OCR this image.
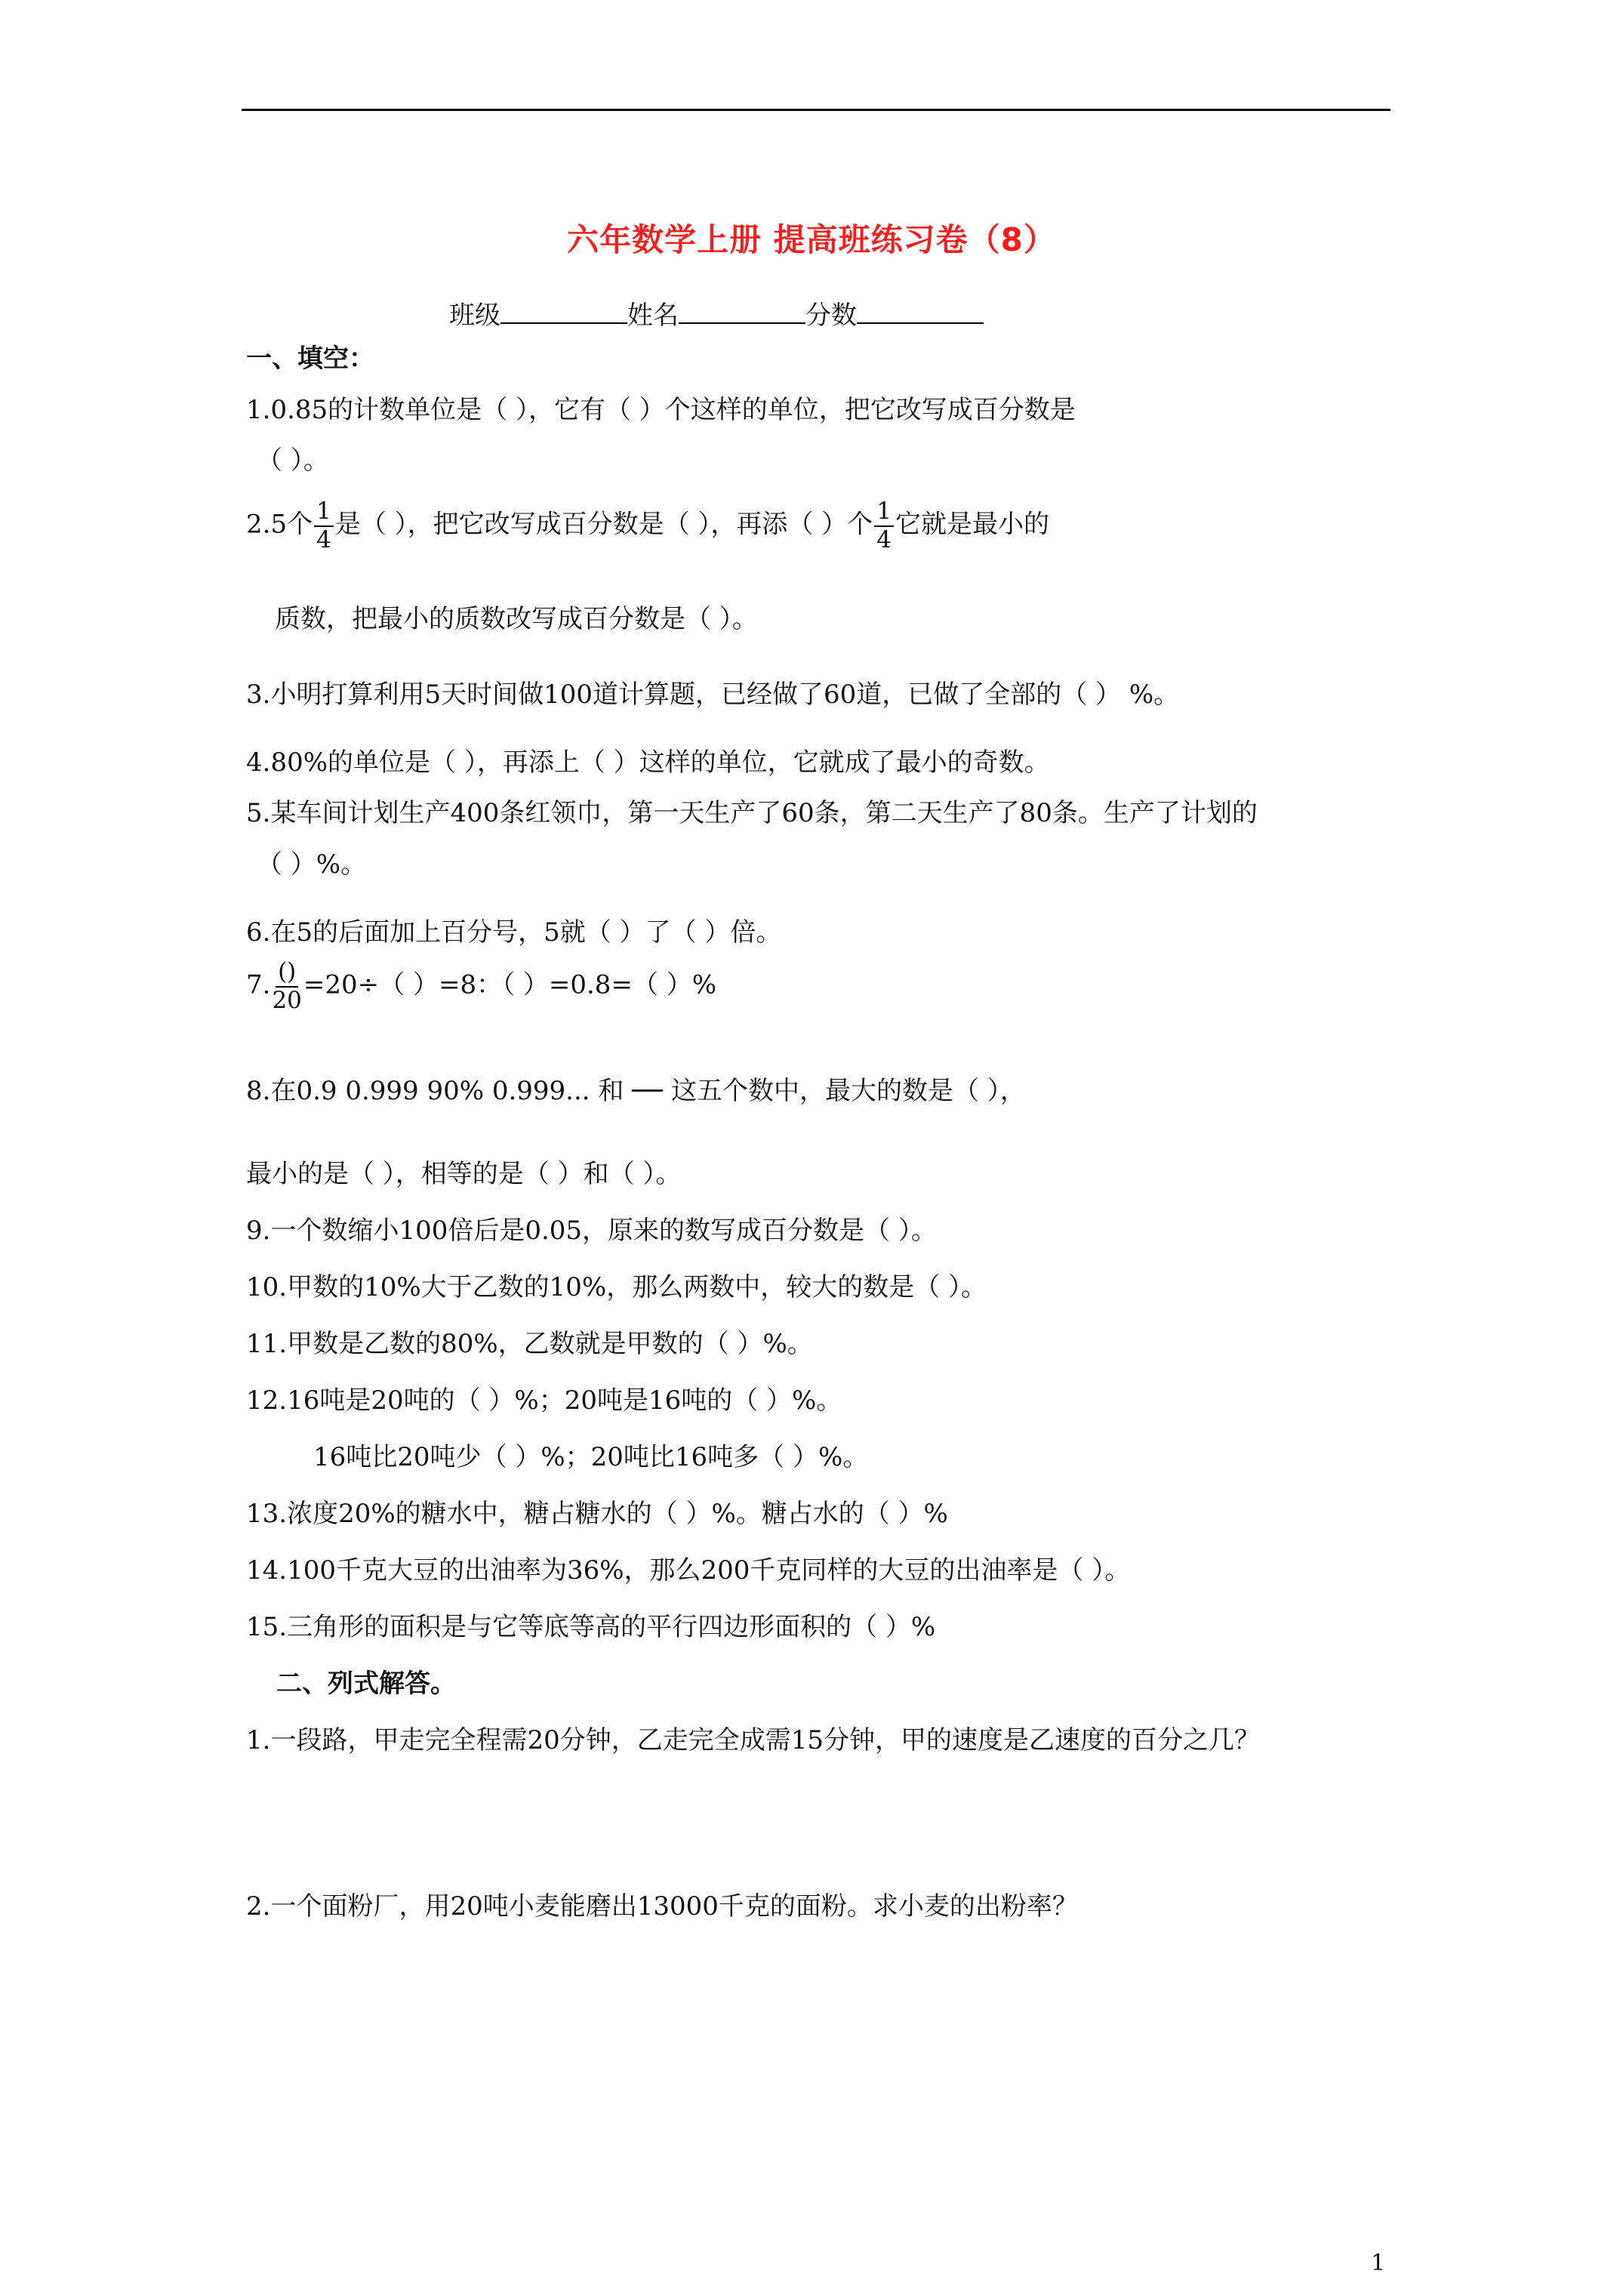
六年数学上册 提高班练习卷（8）
班级	姓名	分数
一、填空：
1.0.85的计数单位是（ ），它有（ ）个这样的单位，把它改写成百分数是
（ ）。
2.5个 $\frac{1}{4}$ 是（ ），把它改写成百分数是（ ），再添（ ）个 $\frac{1}{4}$ 它就是最小的
质数，把最小的质数改写成百分数是（ ）。
3.小明打算利用5天时间做100道计算题，已经做了60道，已做了全部的（ ） %。
4.80%的单位是（ ），再添上（ ）这样的单位，它就成了最小的奇数。
5.某车间计划生产400条红领巾，第一天生产了60条，第二天生产了80条。生产了计划的
（ ）%。
6.在5的后面加上百分号，5就（ ）了（ ）倍。
7. $\frac{()}{20} =20\div$（ ）=8：（ ）=0.8=（ ）%
8.在0.9 0.999 90% 0.999... 和 ── 这五个数中，最大的数是（ ），
最小的是（ ），相等的是（ ）和（ ）。
9.一个数缩小100倍后是0.05，原来的数写成百分数是（ ）。
10.甲数的10%大于乙数的10%，那么两数中，较大的数是（ ）。
11.甲数是乙数的80%，乙数就是甲数的（ ）%。
12.16吨是20吨的（ ）%；20吨是16吨的（ ）%。
16吨比20吨少（ ）%；20吨比16吨多（ ）%。
13.浓度20%的糖水中，糖占糖水的（ ）%。糖占水的（ ）%
14.100千克大豆的出油率为36%，那么200千克同样的大豆的出油率是（ ）。
15.三角形的面积是与它等底等高的平行四边形面积的（ ）%
二、列式解答。
1.一段路，甲走完全程需20分钟，乙走完全成需15分钟，甲的速度是乙速度的百分之几？
2.一个面粉厂，用20吨小麦能磨出13000千克的面粉。求小麦的出粉率？
1
